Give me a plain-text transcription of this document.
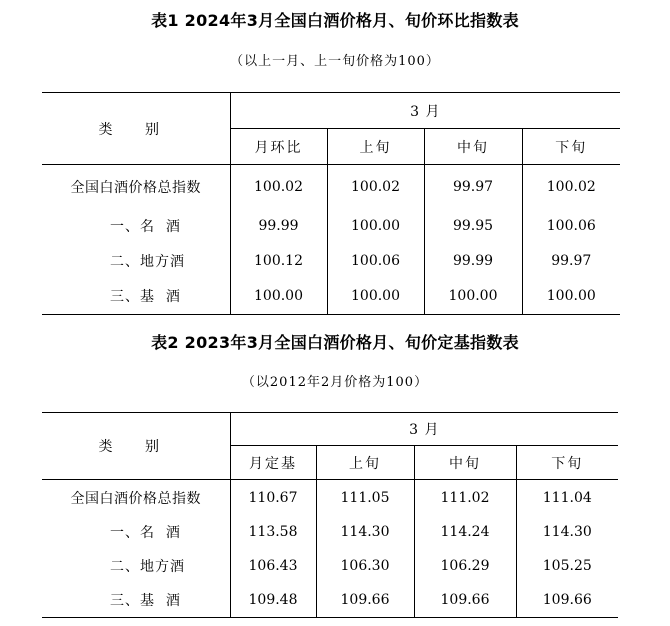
表1 2024年3月全国白酒价格月、旬价环比指数表
（以上一月、上一旬价格为100）
类 别	3 月			
	月环比	上旬	中旬	下旬
全国白酒价格总指数	100.02	100.02	99.97	100.02
一、名  酒	99.99	100.00	99.95	100.06
二、地方酒	100.12	100.06	99.99	99.97
三、基  酒	100.00	100.00	100.00	100.00
表2 2023年3月全国白酒价格月、旬价定基指数表
（以2012年2月价格为100）
类 别	3 月			
	月定基	上旬	中旬	下旬
全国白酒价格总指数	110.67	111.05	111.02	111.04
一、名  酒	113.58	114.30	114.24	114.30
二、地方酒	106.43	106.30	106.29	105.25
三、基  酒	109.48	109.66	109.66	109.66
